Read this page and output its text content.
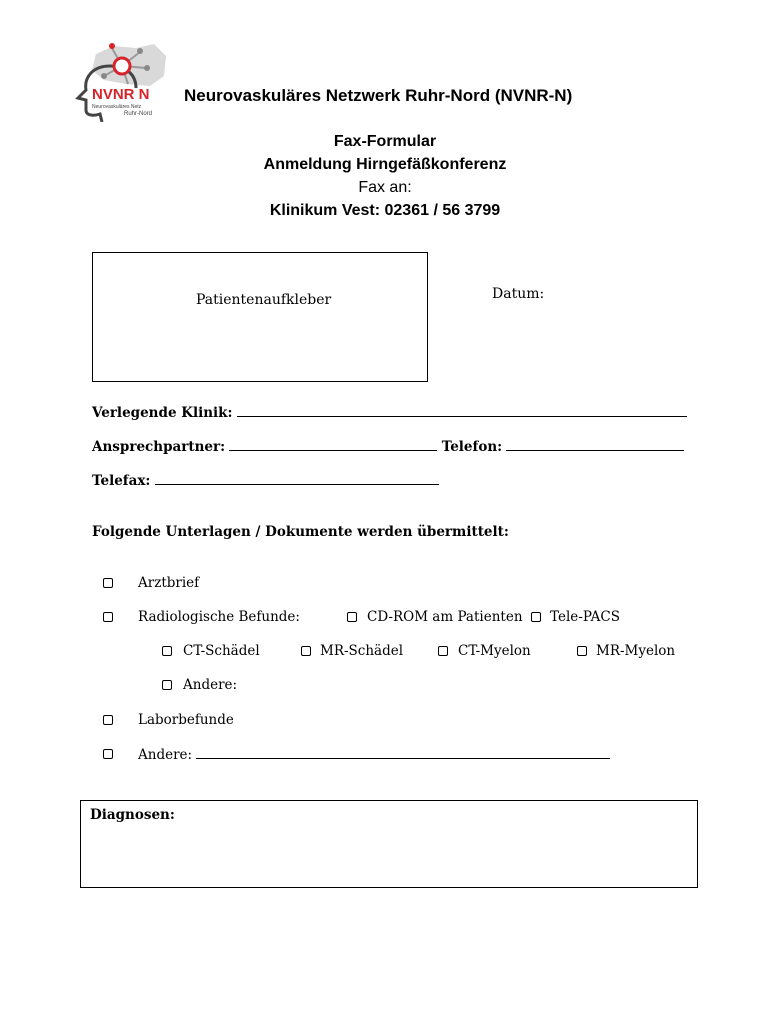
NVNR N
Neurovaskuläres Netz
Ruhr-Nord
Neurovaskuläres Netzwerk Ruhr-Nord (NVNR-N)
Fax-Formular
Anmeldung Hirngefäßkonferenz
Fax an:
Klinikum Vest: 02361 / 56 3799
Patientenaufkleber	Datum:
Verlegende Klinik:
Ansprechpartner:	Telefon:
Telefax:
Folgende Unterlagen / Dokumente werden übermittelt:
Arztbrief
Radiologische Befunde:	CD-ROM am Patienten Tele-PACS
CT-Schädel	MR-Schädel	CT-Myelon	MR-Myelon
Andere:
Laborbefunde
Andere:
Diagnosen:
